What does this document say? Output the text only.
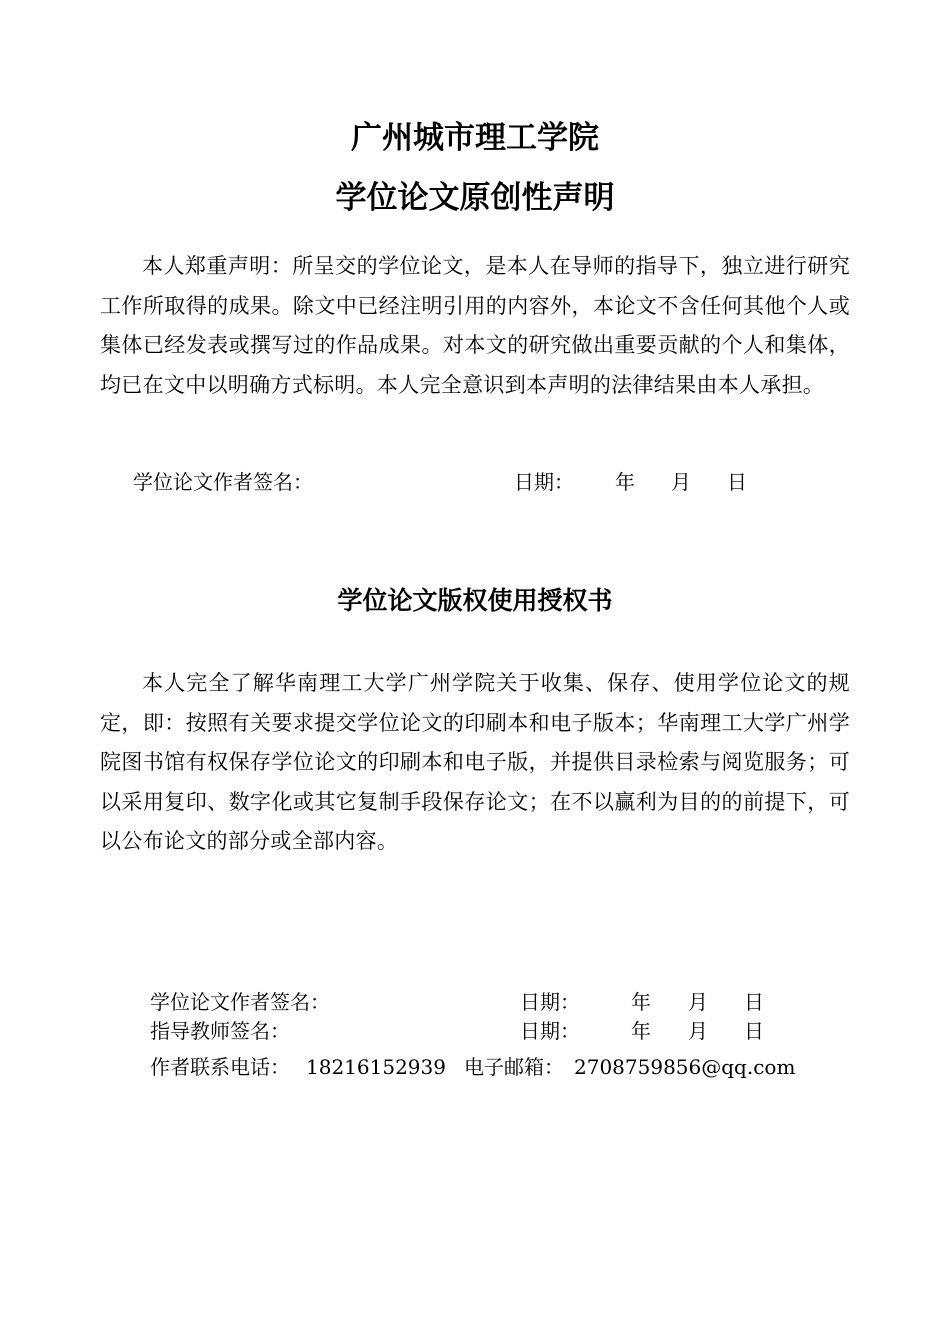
广州城市理工学院
学位论文原创性声明

本人郑重声明：所呈交的学位论文，是本人在导师的指导下，独立进行研究工作所取得的成果。除文中已经注明引用的内容外，本论文不含任何其他个人或集体已经发表或撰写过的作品成果。对本文的研究做出重要贡献的个人和集体，均已在文中以明确方式标明。本人完全意识到本声明的法律结果由本人承担。

学位论文作者签名：	日期： 年 月 日
学位论文版权使用授权书

本人完全了解华南理工大学广州学院关于收集、保存、使用学位论文的规定，即：按照有关要求提交学位论文的印刷本和电子版本；华南理工大学广州学院图书馆有权保存学位论文的印刷本和电子版，并提供目录检索与阅览服务；可以采用复印、数字化或其它复制手段保存论文；在不以赢利为目的的前提下，可以公布论文的部分或全部内容。

学位论文作者签名：	日期：	年 月 日
指导教师签名：	日期：	年 月 日
作者联系电话： 18216152939 电子邮箱： 2708759856@qq.com
